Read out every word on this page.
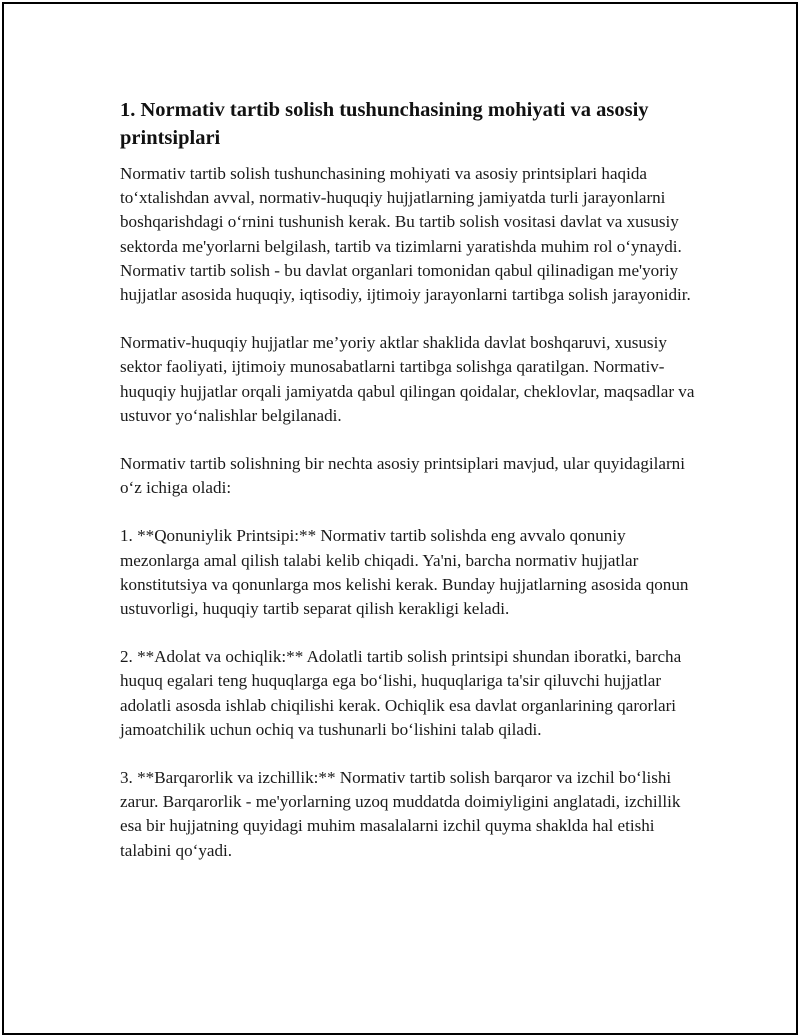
1. Normativ tartib solish tushunchasining mohiyati va asosiy printsiplari

Normativ tartib solish tushunchasining mohiyati va asosiy printsiplari haqida to‘xtalishdan avval, normativ-huquqiy hujjatlarning jamiyatda turli jarayonlarni boshqarishdagi o‘rnini tushunish kerak. Bu tartib solish vositasi davlat va xususiy sektorda me'yorlarni belgilash, tartib va tizimlarni yaratishda muhim rol o‘ynaydi. Normativ tartib solish - bu davlat organlari tomonidan qabul qilinadigan me'yoriy hujjatlar asosida huquqiy, iqtisodiy, ijtimoiy jarayonlarni tartibga solish jarayonidir.

Normativ-huquqiy hujjatlar me’yoriy aktlar shaklida davlat boshqaruvi, xususiy sektor faoliyati, ijtimoiy munosabatlarni tartibga solishga qaratilgan. Normativ-huquqiy hujjatlar orqali jamiyatda qabul qilingan qoidalar, cheklovlar, maqsadlar va ustuvor yo‘nalishlar belgilanadi.

Normativ tartib solishning bir nechta asosiy printsiplari mavjud, ular quyidagilarni o‘z ichiga oladi:

1. **Qonuniylik Printsipi:** Normativ tartib solishda eng avvalo qonuniy mezonlarga amal qilish talabi kelib chiqadi. Ya'ni, barcha normativ hujjatlar konstitutsiya va qonunlarga mos kelishi kerak. Bunday hujjatlarning asosida qonun ustuvorligi, huquqiy tartib separat qilish kerakligi keladi.

2. **Adolat va ochiqlik:** Adolatli tartib solish printsipi shundan iboratki, barcha huquq egalari teng huquqlarga ega bo‘lishi, huquqlariga ta'sir qiluvchi hujjatlar adolatli asosda ishlab chiqilishi kerak. Ochiqlik esa davlat organlarining qarorlari jamoatchilik uchun ochiq va tushunarli bo‘lishini talab qiladi.

3. **Barqarorlik va izchillik:** Normativ tartib solish barqaror va izchil bo‘lishi zarur. Barqarorlik - me'yorlarning uzoq muddatda doimiyligini anglatadi, izchillik esa bir hujjatning quyidagi muhim masalalarni izchil quyma shaklda hal etishi talabini qo‘yadi.
